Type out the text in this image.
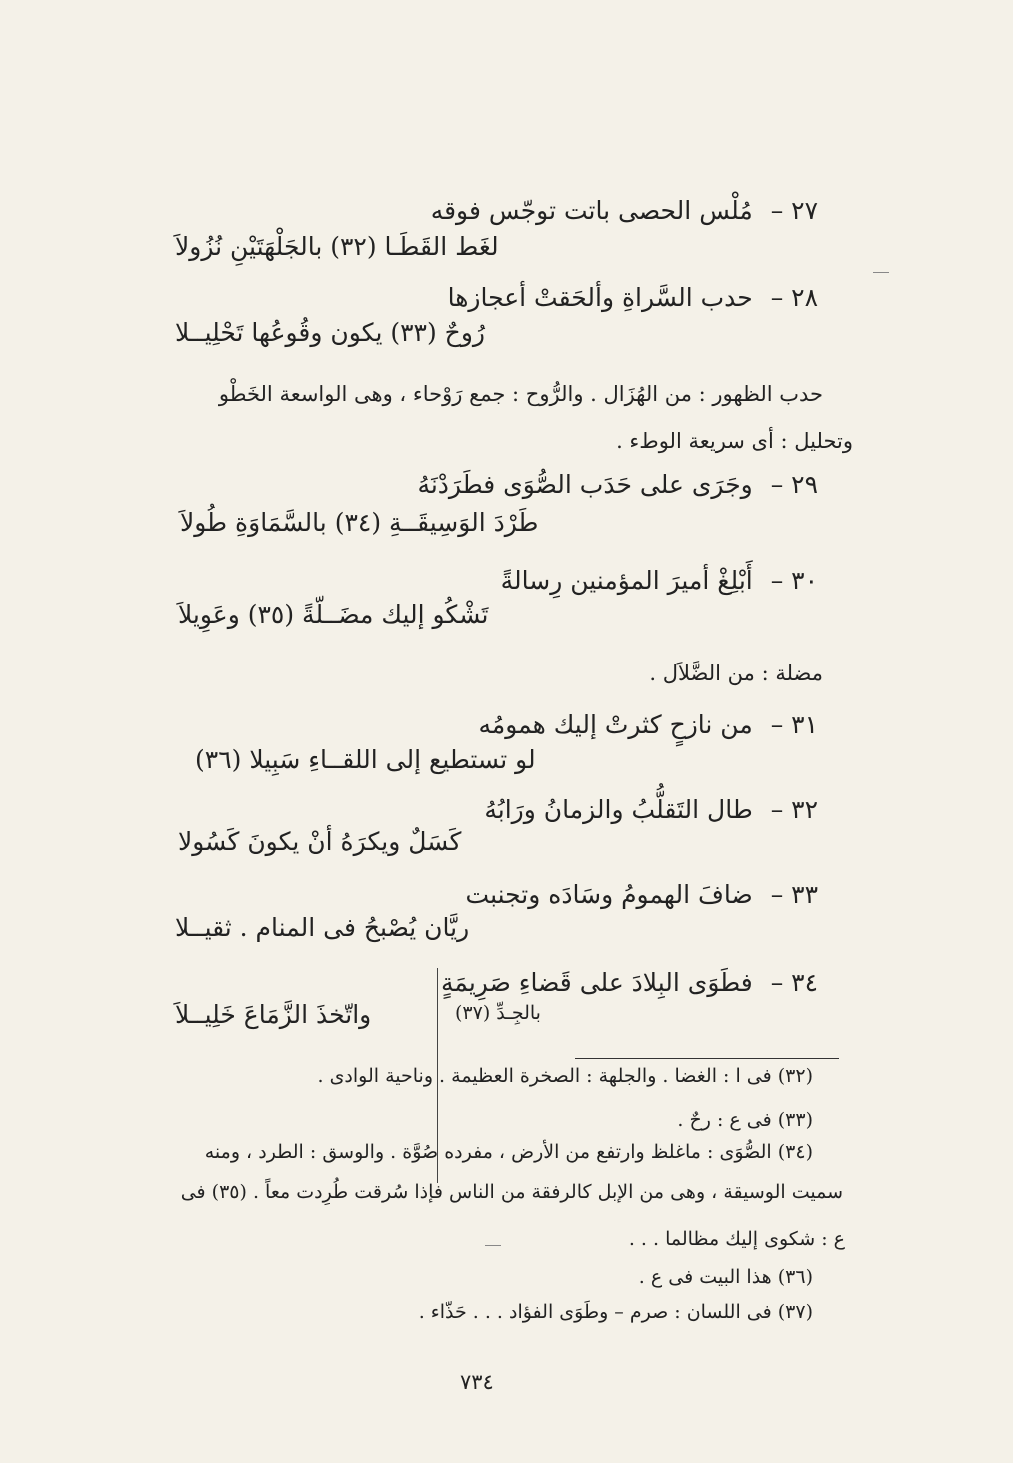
٢٧ – مُلْس الحصى باتت توجّس فوقه
لغَط القَطَـا (٣٢) بالجَلْهَتَيْنِ نُزُولاَ
٢٨ – حدب السَّراةِ وألحَقتْ أعجازها
رُوحٌ (٣٣) يكون وقُوعُها تَحْلِيــلا
حدب الظهور : من الهُزَال . والرُّوح : جمع رَوْحاء ، وهى الواسعة الخَطْو
وتحليل : أى سريعة الوطء .
٢٩ – وجَرَى على حَدَب الصُّوَى فطَرَدْنَهُ
طَرْدَ الوَسِيقَــةِ (٣٤) بالسَّمَاوَةِ طُولاَ
٣٠ – أَبْلِغْ أميرَ المؤمنين رِسالةً
تَشْكُو إليك مضَــلّةً (٣٥) وعَوِيلاَ
مضلة : من الضَّلاَل .
٣١ – من نازحٍ كثرتْ إليك همومُه
لو تستطيع إلى اللقــاءِ سَبِيلا (٣٦)
٣٢ – طال التَقلُّبُ والزمانُ ورَابُهُ
كَسَلٌ ويكرَهُ أنْ يكونَ كَسُولا
٣٣ – ضافَ الهمومُ وسَادَه وتجنبت
ريَّان يُصْبحُ فى المنام . ثقيــلا
٣٤ – فطَوَى البِلادَ على قَضاءِ صَرِيمَةٍ
بالجِـدِّ (٣٧)
واتّخذَ الزَّمَاعَ خَلِيــلاَ
(٣٢) فى ا : الغضا . والجلهة : الصخرة العظيمة . وناحية الوادى .
(٣٣) فى ع : رحٌ .
(٣٤) الصُّوَى : ماغلظ وارتفع من الأرض ، مفرده صُوَّة . والوسق : الطرد ، ومنه
سميت الوسيقة ، وهى من الإبل كالرفقة من الناس فإذا سُرقت طُرِدت معاً . (٣٥) فى
ع : شكوى إليك مظالما . . .
(٣٦) هذا البيت فى ع .
(٣٧) فى اللسان : صرم – وطَوَى الفؤاد . . . حَذّاء .
٧٣٤
